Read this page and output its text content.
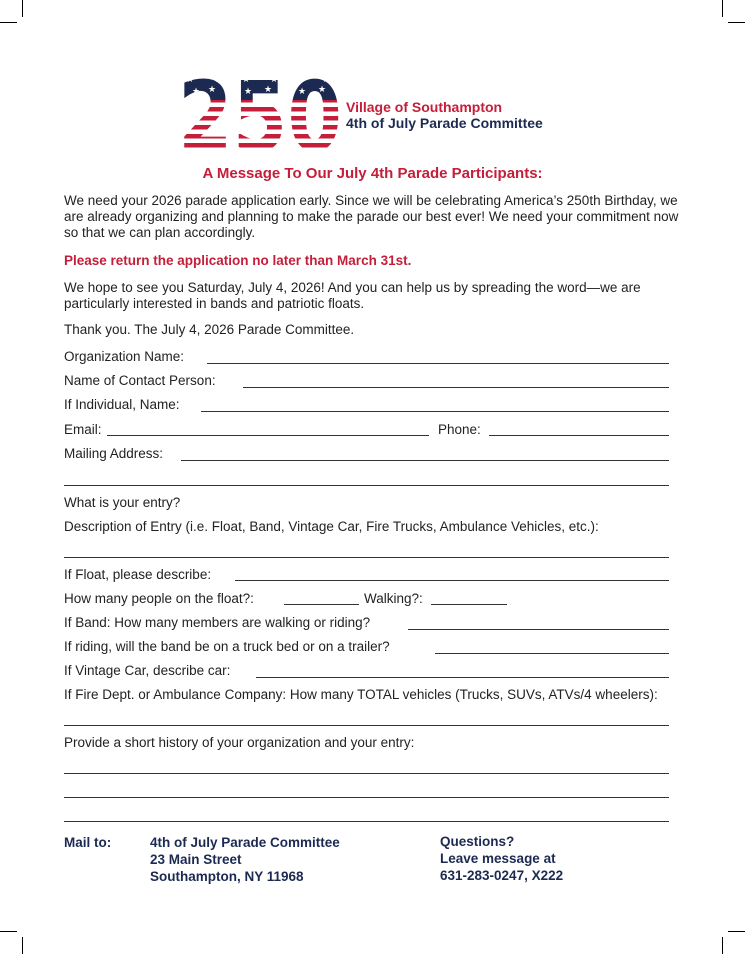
★
★
★
★ ★
★
★
★
★ ★
★
★
★
★ ★
Village of Southampton
4th of July Parade Committee
A Message To Our July 4th Parade Participants:
We need your 2026 parade application early. Since we will be celebrating America’s 250th Birthday, we are already organizing and planning to make the parade our best ever! We need your commitment now so that we can plan accordingly.
Please return the application no later than March 31st.
We hope to see you Saturday, July 4, 2026! And you can help us by spreading the word—we are particularly interested in bands and patriotic floats.
Thank you. The July 4, 2026 Parade Committee.
Organization Name:
Name of Contact Person:
If Individual, Name:
Email:	Phone:
Mailing Address:
What is your entry?
Description of Entry (i.e. Float, Band, Vintage Car, Fire Trucks, Ambulance Vehicles, etc.):
If Float, please describe:
How many people on the float?:	Walking?:
If Band: How many members are walking or riding?
If riding, will the band be on a truck bed or on a trailer?
If Vintage Car, describe car:
If Fire Dept. or Ambulance Company: How many TOTAL vehicles (Trucks, SUVs, ATVs/4 wheelers):
Provide a short history of your organization and your entry:
Mail to:	4th of July Parade Committee
23 Main Street
Southampton, NY 11968
Questions?
Leave message at
631-283-0247, X222
